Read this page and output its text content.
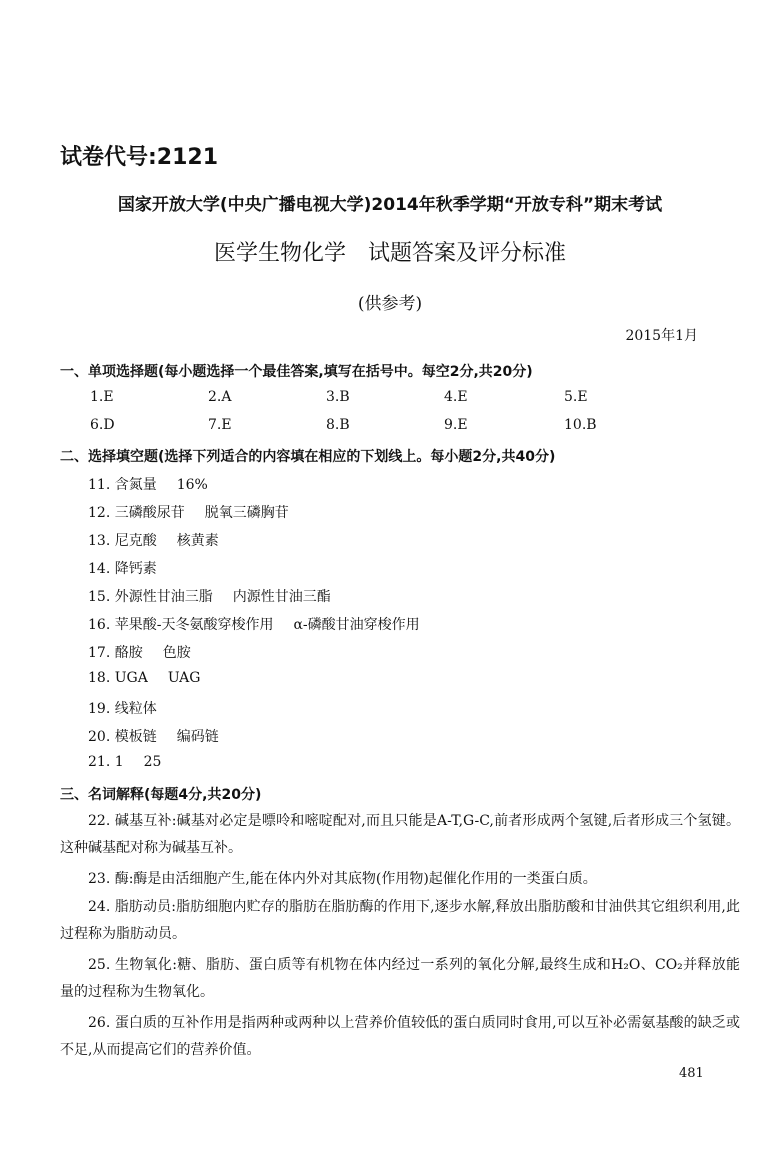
试卷代号:2121
国家开放大学(中央广播电视大学)2014年秋季学期“开放专科”期末考试
医学生物化学　试题答案及评分标准
(供参考)
2015年1月
一、单项选择题(每小题选择一个最佳答案,填写在括号中。每空2分,共20分)
1.E	2.A	3.B	4.E	5.E
6.D	7.E	8.B	9.E	10.B
二、选择填空题(选择下列适合的内容填在相应的下划线上。每小题2分,共40分)
11. 含氮量 16%
12. 三磷酸尿苷 脱氧三磷胸苷
13. 尼克酸 核黄素
14. 降钙素
15. 外源性甘油三脂 内源性甘油三酯
16. 苹果酸-天冬氨酸穿梭作用 α-磷酸甘油穿梭作用
17. 酪胺 色胺
18. UGA UAG
19. 线粒体
20. 模板链 编码链
21. 1 25
三、名词解释(每题4分,共20分)
22. 碱基互补:碱基对必定是嘌呤和嘧啶配对,而且只能是A-T,G-C,前者形成两个氢键,后者形成三个氢键。这种碱基配对称为碱基互补。
23. 酶:酶是由活细胞产生,能在体内外对其底物(作用物)起催化作用的一类蛋白质。
24. 脂肪动员:脂肪细胞内贮存的脂肪在脂肪酶的作用下,逐步水解,释放出脂肪酸和甘油供其它组织利用,此过程称为脂肪动员。
25. 生物氧化:糖、脂肪、蛋白质等有机物在体内经过一系列的氧化分解,最终生成和H₂O、CO₂并释放能量的过程称为生物氧化。
26. 蛋白质的互补作用是指两种或两种以上营养价值较低的蛋白质同时食用,可以互补必需氨基酸的缺乏或不足,从而提高它们的营养价值。
481
